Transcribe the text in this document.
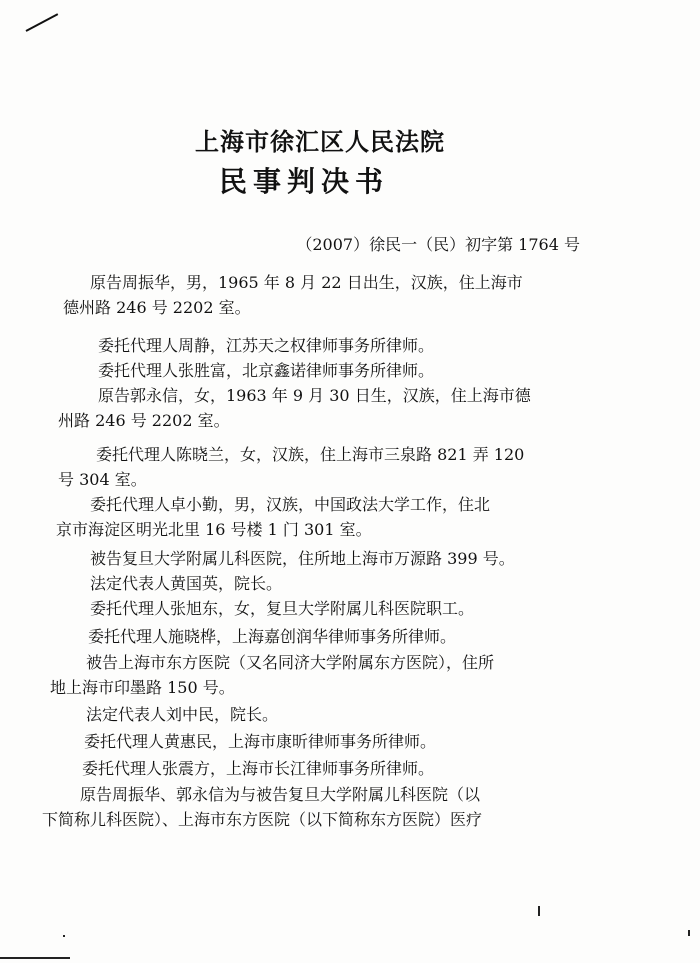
上海市徐汇区人民法院
民事判决书
（2007）徐民一（民）初字第 1764 号
原告周振华，男，1965 年 8 月 22 日出生，汉族，住上海市
德州路 246 号 2202 室。
委托代理人周静，江苏天之权律师事务所律师。
委托代理人张胜富，北京鑫诺律师事务所律师。
原告郭永信，女，1963 年 9 月 30 日生，汉族，住上海市德
州路 246 号 2202 室。
委托代理人陈晓兰，女，汉族，住上海市三泉路 821 弄 120
号 304 室。
委托代理人卓小勤，男，汉族，中国政法大学工作，住北
京市海淀区明光北里 16 号楼 1 门 301 室。
被告复旦大学附属儿科医院，住所地上海市万源路 399 号。
法定代表人黄国英，院长。
委托代理人张旭东，女，复旦大学附属儿科医院职工。
委托代理人施晓桦，上海嘉创润华律师事务所律师。
被告上海市东方医院（又名同济大学附属东方医院），住所
地上海市印墨路 150 号。
法定代表人刘中民，院长。
委托代理人黄惠民，上海市康昕律师事务所律师。
委托代理人张震方，上海市长江律师事务所律师。
原告周振华、郭永信为与被告复旦大学附属儿科医院（以
下简称儿科医院）、上海市东方医院（以下简称东方医院）医疗
